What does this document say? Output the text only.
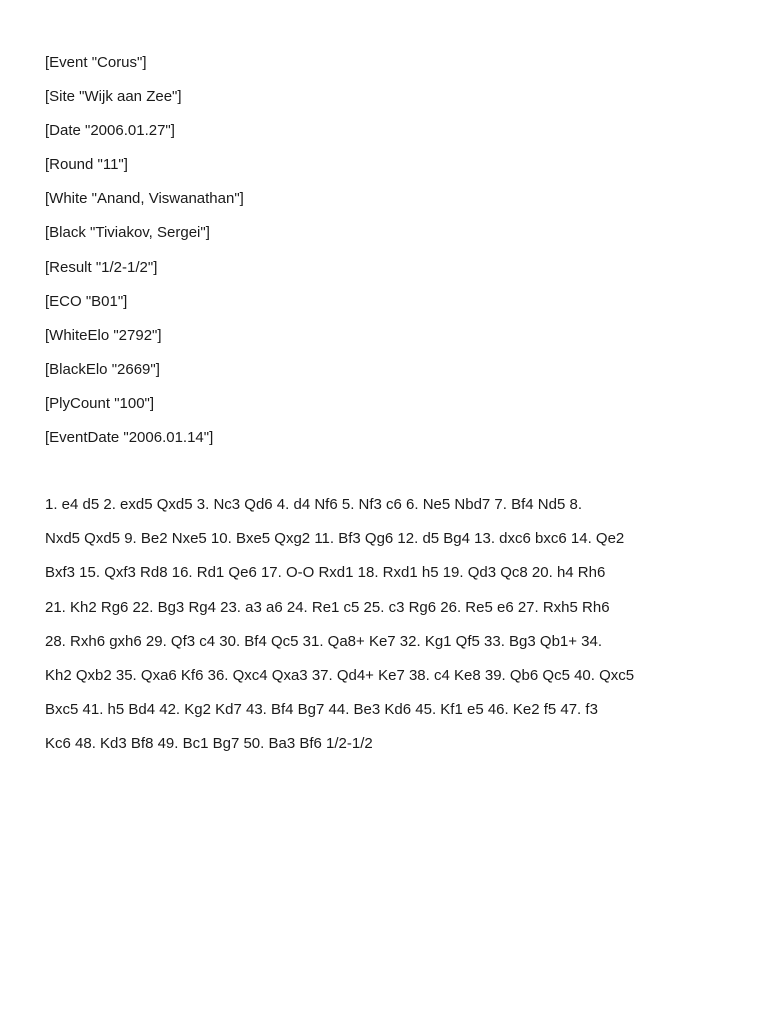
[Event "Corus"]
[Site "Wijk aan Zee"]
[Date "2006.01.27"]
[Round "11"]
[White "Anand, Viswanathan"]
[Black "Tiviakov, Sergei"]
[Result "1/2-1/2"]
[ECO "B01"]
[WhiteElo "2792"]
[BlackElo "2669"]
[PlyCount "100"]
[EventDate "2006.01.14"]
1. e4 d5 2. exd5 Qxd5 3. Nc3 Qd6 4. d4 Nf6 5. Nf3 c6 6. Ne5 Nbd7 7. Bf4 Nd5 8.
Nxd5 Qxd5 9. Be2 Nxe5 10. Bxe5 Qxg2 11. Bf3 Qg6 12. d5 Bg4 13. dxc6 bxc6 14. Qe2
Bxf3 15. Qxf3 Rd8 16. Rd1 Qe6 17. O-O Rxd1 18. Rxd1 h5 19. Qd3 Qc8 20. h4 Rh6
21. Kh2 Rg6 22. Bg3 Rg4 23. a3 a6 24. Re1 c5 25. c3 Rg6 26. Re5 e6 27. Rxh5 Rh6
28. Rxh6 gxh6 29. Qf3 c4 30. Bf4 Qc5 31. Qa8+ Ke7 32. Kg1 Qf5 33. Bg3 Qb1+ 34.
Kh2 Qxb2 35. Qxa6 Kf6 36. Qxc4 Qxa3 37. Qd4+ Ke7 38. c4 Ke8 39. Qb6 Qc5 40. Qxc5
Bxc5 41. h5 Bd4 42. Kg2 Kd7 43. Bf4 Bg7 44. Be3 Kd6 45. Kf1 e5 46. Ke2 f5 47. f3
Kc6 48. Kd3 Bf8 49. Bc1 Bg7 50. Ba3 Bf6 1/2-1/2
